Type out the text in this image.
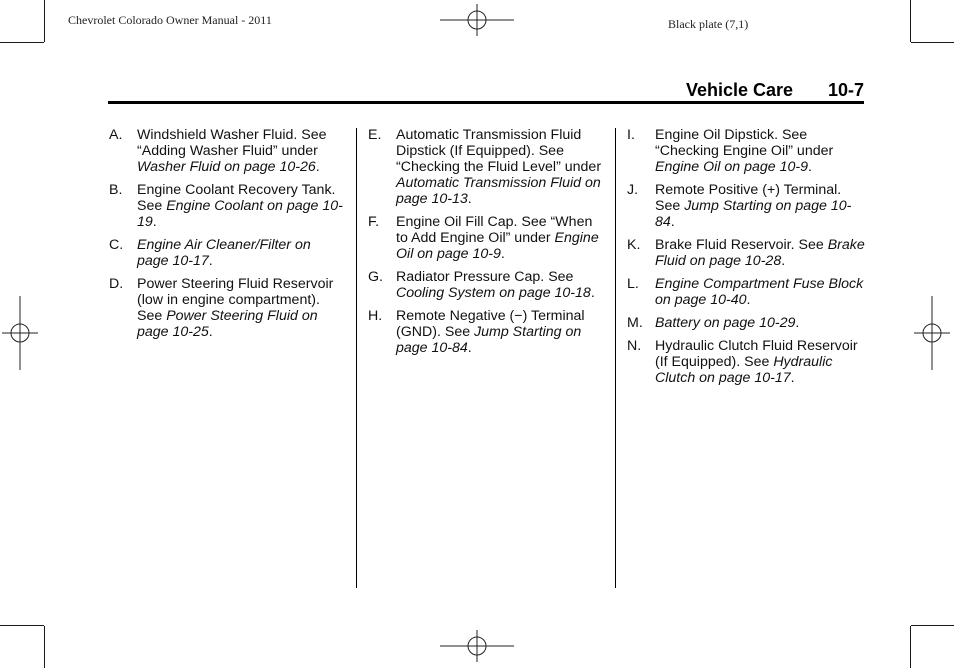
Chevrolet Colorado Owner Manual - 2011	Black plate (7,1)
Vehicle Care 10-7
A.	Windshield Washer Fluid. See “Adding Washer Fluid” under Washer Fluid on page 10-26.
B.	Engine Coolant Recovery Tank. See Engine Coolant on page 10-19.
C. Engine Air Cleaner/Filter on page 10-17.
D. Power Steering Fluid Reservoir (low in engine compartment). See Power Steering Fluid on page 10-25.
E.	Automatic Transmission Fluid Dipstick (If Equipped). See “Checking the Fluid Level” under Automatic Transmission Fluid on page 10-13.
F.	Engine Oil Fill Cap. See “When to Add Engine Oil” under Engine Oil on page 10-9.
G. Radiator Pressure Cap. See Cooling System on page 10-18.
H. Remote Negative (−) Terminal (GND). See Jump Starting on page 10-84.
I.	Engine Oil Dipstick. See “Checking Engine Oil” under Engine Oil on page 10-9.
J.	Remote Positive (+) Terminal. See Jump Starting on page 10-84.
K.	Brake Fluid Reservoir. See Brake Fluid on page 10-28.
L.	Engine Compartment Fuse Block on page 10-40.
M. Battery on page 10-29.
N. Hydraulic Clutch Fluid Reservoir (If Equipped). See Hydraulic Clutch on page 10-17.
